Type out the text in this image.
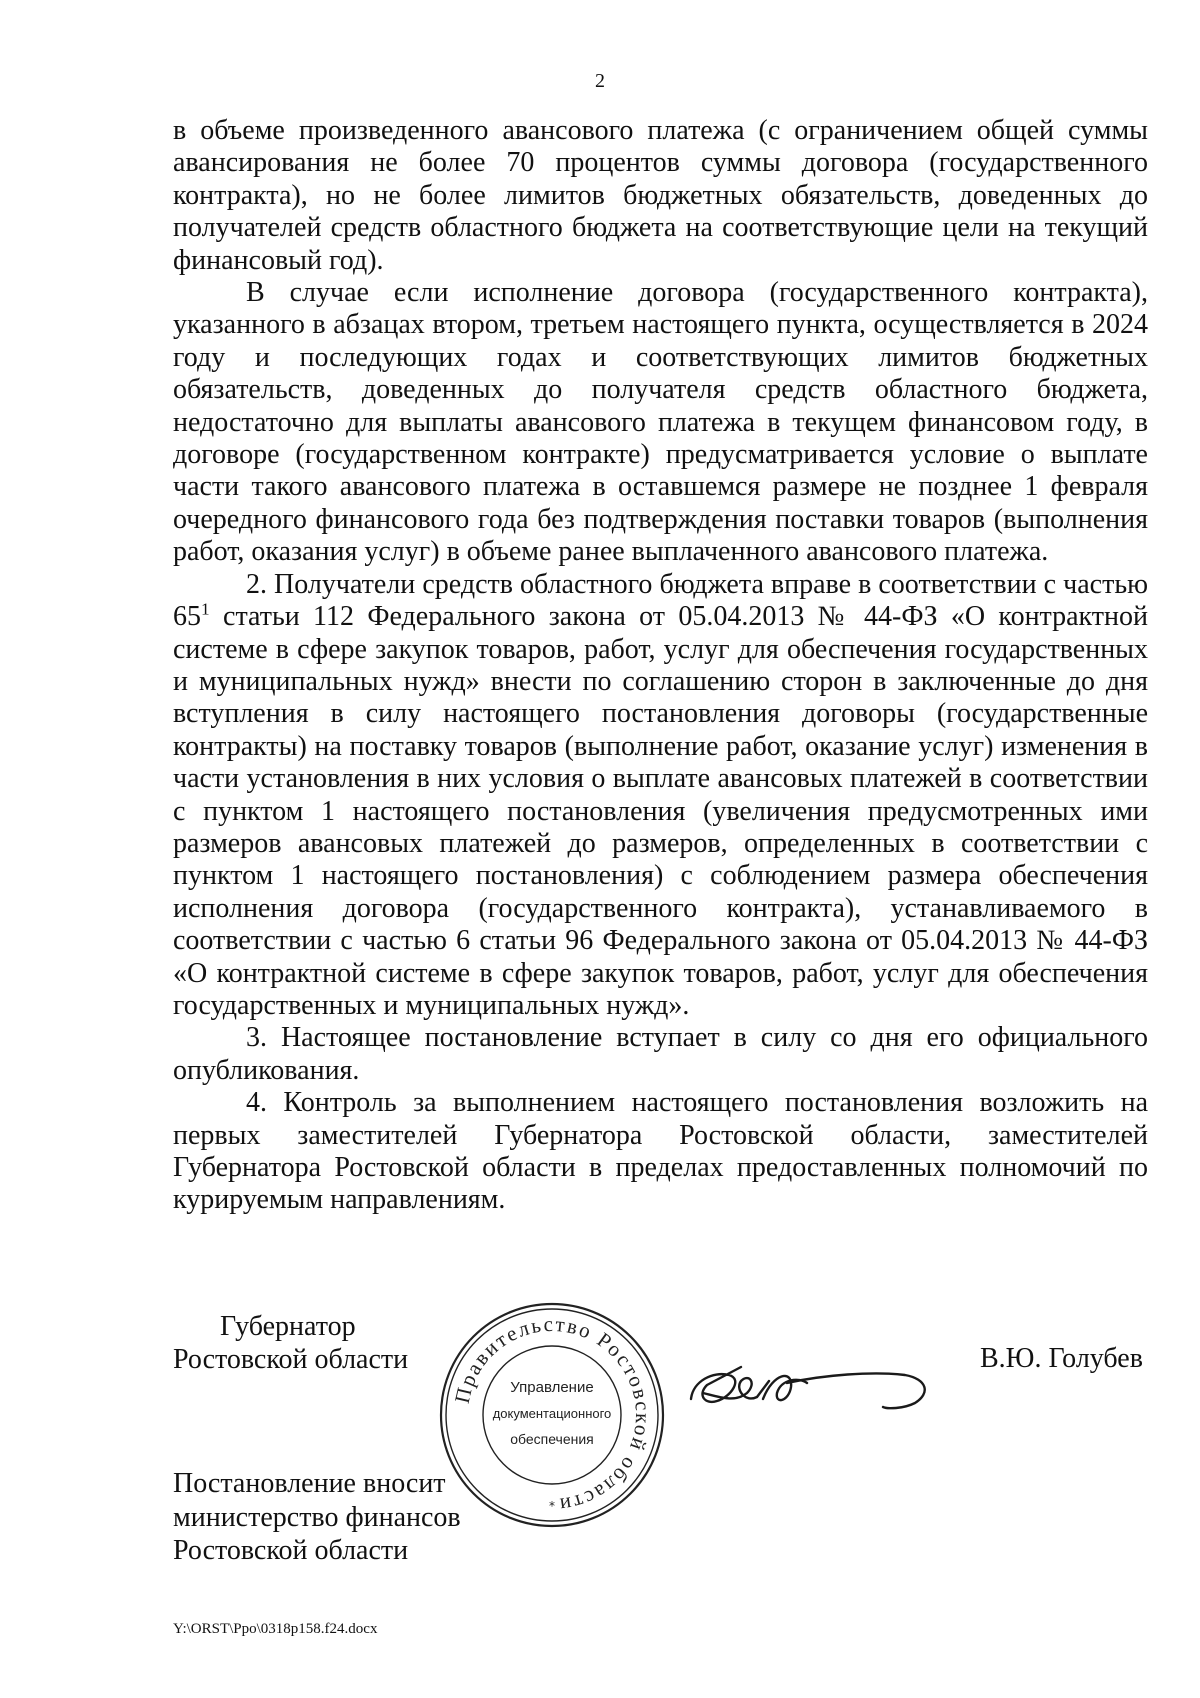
2

в объеме произведенного авансового платежа (с ограничением общей суммы авансирования не более 70 процентов суммы договора (государственного контракта), но не более лимитов бюджетных обязательств, доведенных до получателей средств областного бюджета на соответствующие цели на текущий финансовый год).

В случае если исполнение договора (государственного контракта), указанного в абзацах втором, третьем настоящего пункта, осуществляется в 2024 году и последующих годах и соответствующих лимитов бюджетных обязательств, доведенных до получателя средств областного бюджета, недостаточно для выплаты авансового платежа в текущем финансовом году, в договоре (государственном контракте) предусматривается условие о выплате части такого авансового платежа в оставшемся размере не позднее 1 февраля очередного финансового года без подтверждения поставки товаров (выполнения работ, оказания услуг) в объеме ранее выплаченного авансового платежа.

2. Получатели средств областного бюджета вправе в соответствии с частью $65^1$ статьи 112 Федерального закона от 05.04.2013 № 44-ФЗ «О контрактной системе в сфере закупок товаров, работ, услуг для обеспечения государственных и муниципальных нужд» внести по соглашению сторон в заключенные до дня вступления в силу настоящего постановления договоры (государственные контракты) на поставку товаров (выполнение работ, оказание услуг) изменения в части установления в них условия о выплате авансовых платежей в соответствии с пунктом 1 настоящего постановления (увеличения предусмотренных ими размеров авансовых платежей до размеров, определенных в соответствии с пунктом 1 настоящего постановления) с соблюдением размера обеспечения исполнения договора (государственного контракта), устанавливаемого в соответствии с частью 6 статьи 96 Федерального закона от 05.04.2013 № 44-ФЗ «О контрактной системе в сфере закупок товаров, работ, услуг для обеспечения государственных и муниципальных нужд».

3. Настоящее постановление вступает в силу со дня его официального опубликования.

4. Контроль за выполнением настоящего постановления возложить на первых заместителей Губернатора Ростовской области, заместителей Губернатора Ростовской области в пределах предоставленных полномочий по курируемым направлениям.

Губернатор
Ростовской области
Правительство Ростовской области
Управление
документационного
обеспечения
*
В.Ю. Голубев
Постановление вносит
министерство финансов
Ростовской области
Y:\ORST\Ppo\0318p158.f24.docx
